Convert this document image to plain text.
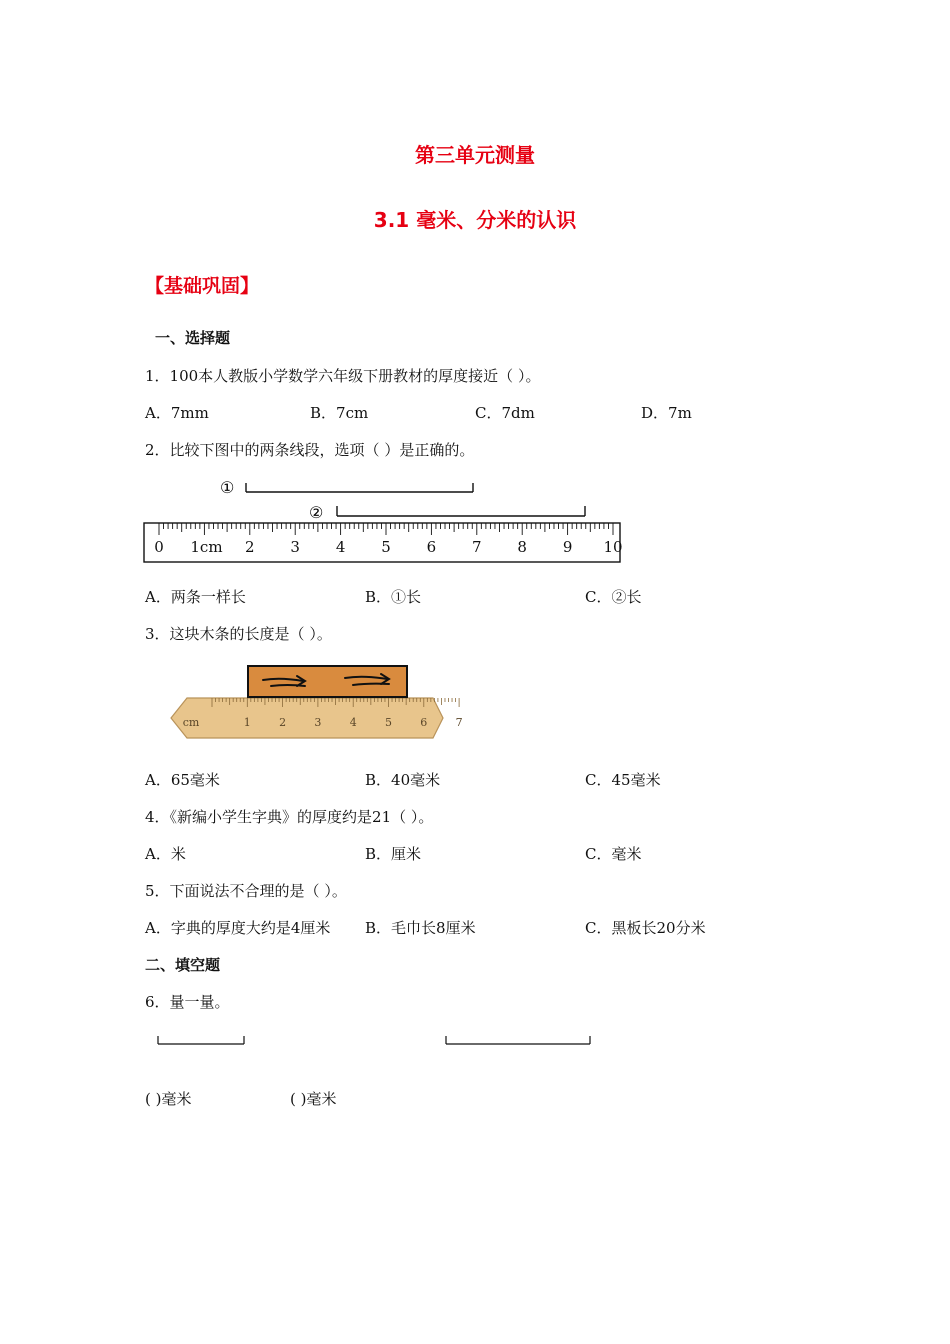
第三单元测量
3.1 毫米、分米的认识
【基础巩固】
一、选择题
1．100本人教版小学数学六年级下册教材的厚度接近（ ）。
A．7mm	B．7cm	C．7dm	D．7m
2．比较下图中的两条线段，选项（ ）是正确的。
①
②
0 1cm 2 3 4 5 6 7 8 9 10
A．两条一样长	B．①长	C．②长
3．这块木条的长度是（ ）。
cm	1	2	3	4	5	6	7
A．65毫米	B．40毫米	C．45毫米
4．《新编小学生字典》的厚度约是21（ ）。
A．米	B．厘米	C．毫米
5．下面说法不合理的是（ ）。
A．字典的厚度大约是4厘米 B．毛巾长8厘米	C．黑板长20分米
二、填空题
6．量一量。
( )毫米	( )毫米
